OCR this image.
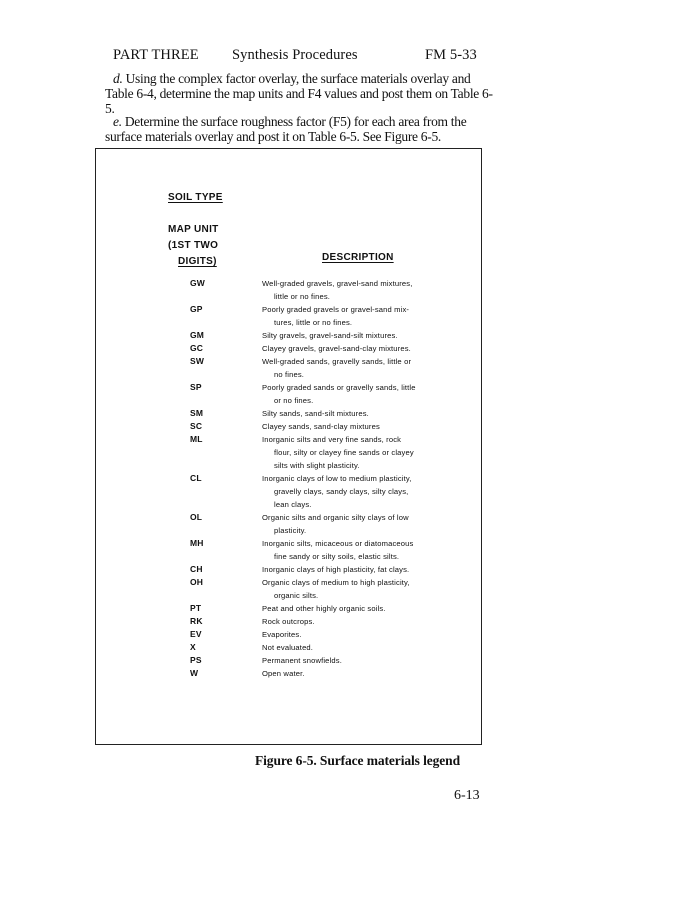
PART THREE Synthesis Procedures	FM 5-33
d. Using the complex factor overlay, the surface materials overlay and Table 6-4, determine the map units and F4 values and post them on Table 6-5.
e. Determine the surface roughness factor (F5) for each area from the surface materials overlay and post it on Table 6-5. See Figure 6-5.
SOIL TYPE
MAP UNIT
(1ST TWO
DIGITS)	DESCRIPTION
GW	Well-graded gravels, gravel-sand mixtures,
little or no fines.
GP	Poorly graded gravels or gravel-sand mix-
tures, little or no fines.
GM	Silty gravels, gravel-sand-silt mixtures.
GC	Clayey gravels, gravel-sand-clay mixtures.
SW	Well-graded sands, gravelly sands, little or
no fines.
SP	Poorly graded sands or gravelly sands, little
or no fines.
SM	Silty sands, sand-silt mixtures.
SC	Clayey sands, sand-clay mixtures
ML	Inorganic silts and very fine sands, rock
flour, silty or clayey fine sands or clayey
silts with slight plasticity.
CL	Inorganic clays of low to medium plasticity,
gravelly clays, sandy clays, silty clays,
lean clays.
OL	Organic silts and organic silty clays of low
plasticity.
MH	Inorganic silts, micaceous or diatomaceous
fine sandy or silty soils, elastic silts.
CH	Inorganic clays of high plasticity, fat clays.
OH	Organic clays of medium to high plasticity,
organic silts.
PT	Peat and other highly organic soils.
RK	Rock outcrops.
EV	Evaporites.
X	Not evaluated.
PS	Permanent snowfields.
W	Open water.
Figure 6-5. Surface materials legend
6-13
